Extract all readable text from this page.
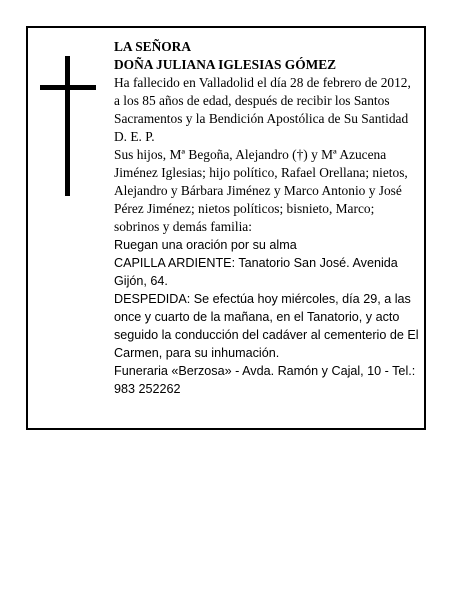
LA SEÑORA

DOÑA JULIANA IGLESIAS GÓMEZ

Ha fallecido en Valladolid el día 28 de febrero de 2012, a los 85 años de edad, después de recibir los Santos Sacramentos y la Bendición Apostólica de Su Santidad D. E. P.

Sus hijos, Mª Begoña, Alejandro (†) y Mª Azucena Jiménez Iglesias; hijo político, Rafael Orellana; nietos, Alejandro y Bárbara Jiménez y Marco Antonio y José Pérez Jiménez; nietos políticos; bisnieto, Marco; sobrinos y demás familia:

Ruegan una oración por su alma

CAPILLA ARDIENTE: Tanatorio San José. Avenida Gijón, 64.

DESPEDIDA: Se efectúa hoy miércoles, día 29, a las once y cuarto de la mañana, en el Tanatorio, y acto seguido la conducción del cadáver al cementerio de El Carmen, para su inhumación.

Funeraria «Berzosa» - Avda. Ramón y Cajal, 10 - Tel.: 983 252262
